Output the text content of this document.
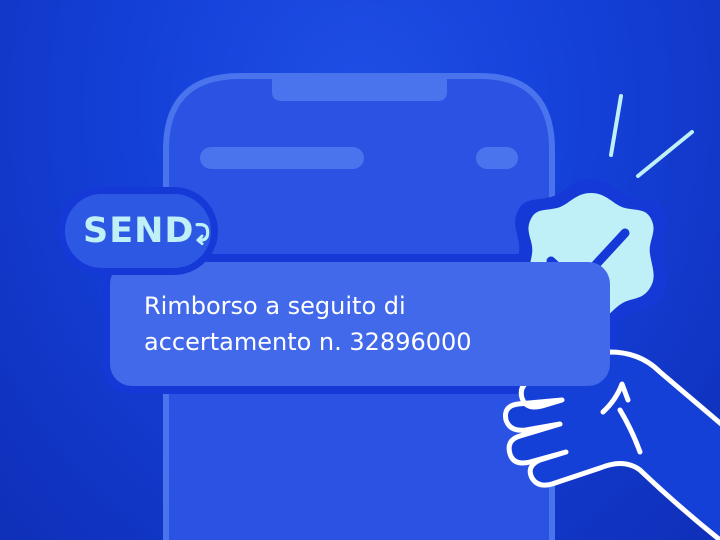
Rimborso a seguito di
accertamento n. 32896000
SEND
